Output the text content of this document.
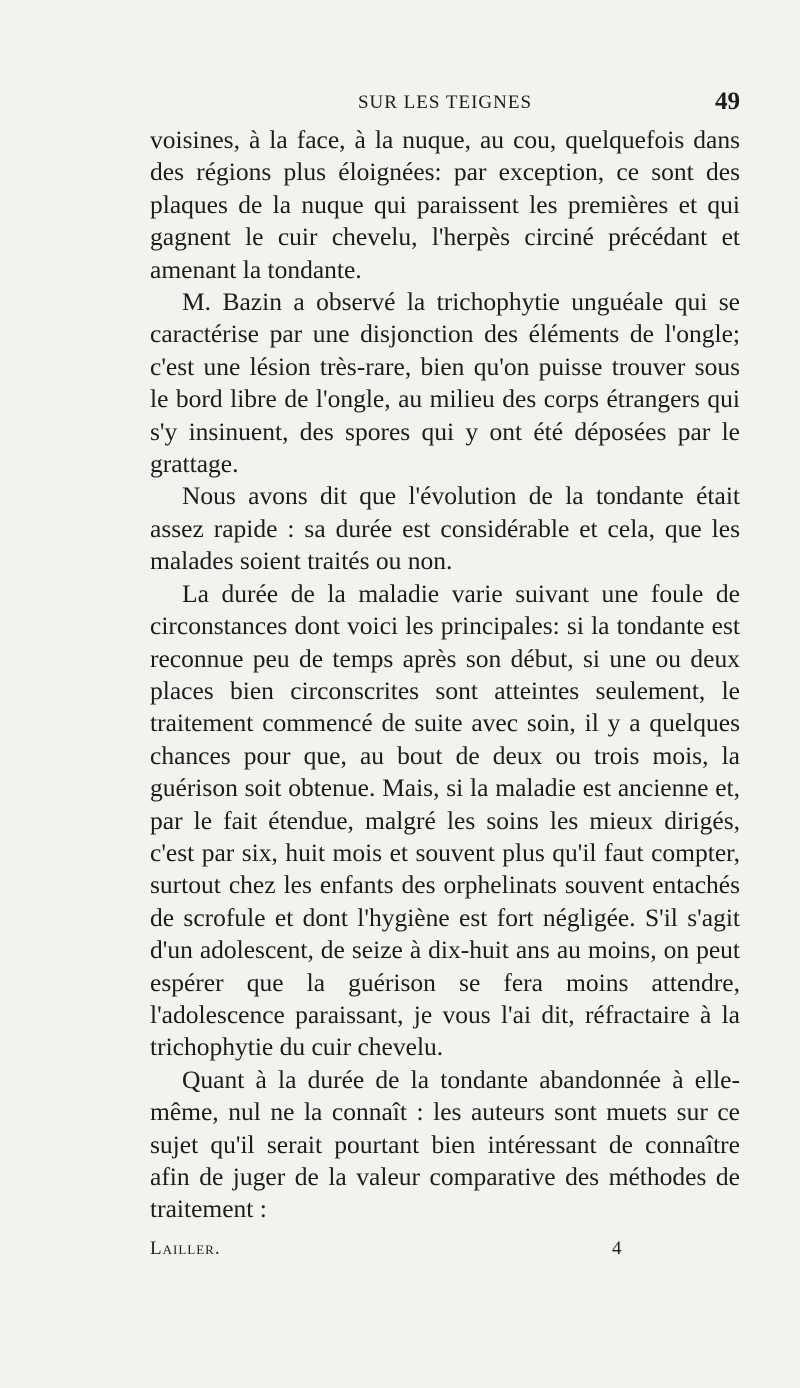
SUR LES TEIGNES	49

voisines, à la face, à la nuque, au cou, quelquefois dans des régions plus éloignées: par exception, ce sont des plaques de la nuque qui paraissent les premières et qui gagnent le cuir chevelu, l'herpès circiné précédant et amenant la tondante.

M. Bazin a observé la trichophytie unguéale qui se caractérise par une disjonction des éléments de l'ongle; c'est une lésion très-rare, bien qu'on puisse trouver sous le bord libre de l'ongle, au milieu des corps étrangers qui s'y insinuent, des spores qui y ont été déposées par le grattage.

Nous avons dit que l'évolution de la tondante était assez rapide : sa durée est considérable et cela, que les malades soient traités ou non.

La durée de la maladie varie suivant une foule de circonstances dont voici les principales: si la tondante est reconnue peu de temps après son début, si une ou deux places bien circonscrites sont atteintes seulement, le traitement commencé de suite avec soin, il y a quelques chances pour que, au bout de deux ou trois mois, la guérison soit obtenue. Mais, si la maladie est ancienne et, par le fait étendue, malgré les soins les mieux dirigés, c'est par six, huit mois et souvent plus qu'il faut compter, surtout chez les enfants des orphelinats souvent entachés de scrofule et dont l'hygiène est fort négligée. S'il s'agit d'un adolescent, de seize à dix-huit ans au moins, on peut espérer que la guérison se fera moins attendre, l'adolescence paraissant, je vous l'ai dit, réfractaire à la trichophytie du cuir chevelu.

Quant à la durée de la tondante abandonnée à elle-même, nul ne la connaît : les auteurs sont muets sur ce sujet qu'il serait pourtant bien intéressant de connaître afin de juger de la valeur comparative des méthodes de traitement :

Lailler.	4
